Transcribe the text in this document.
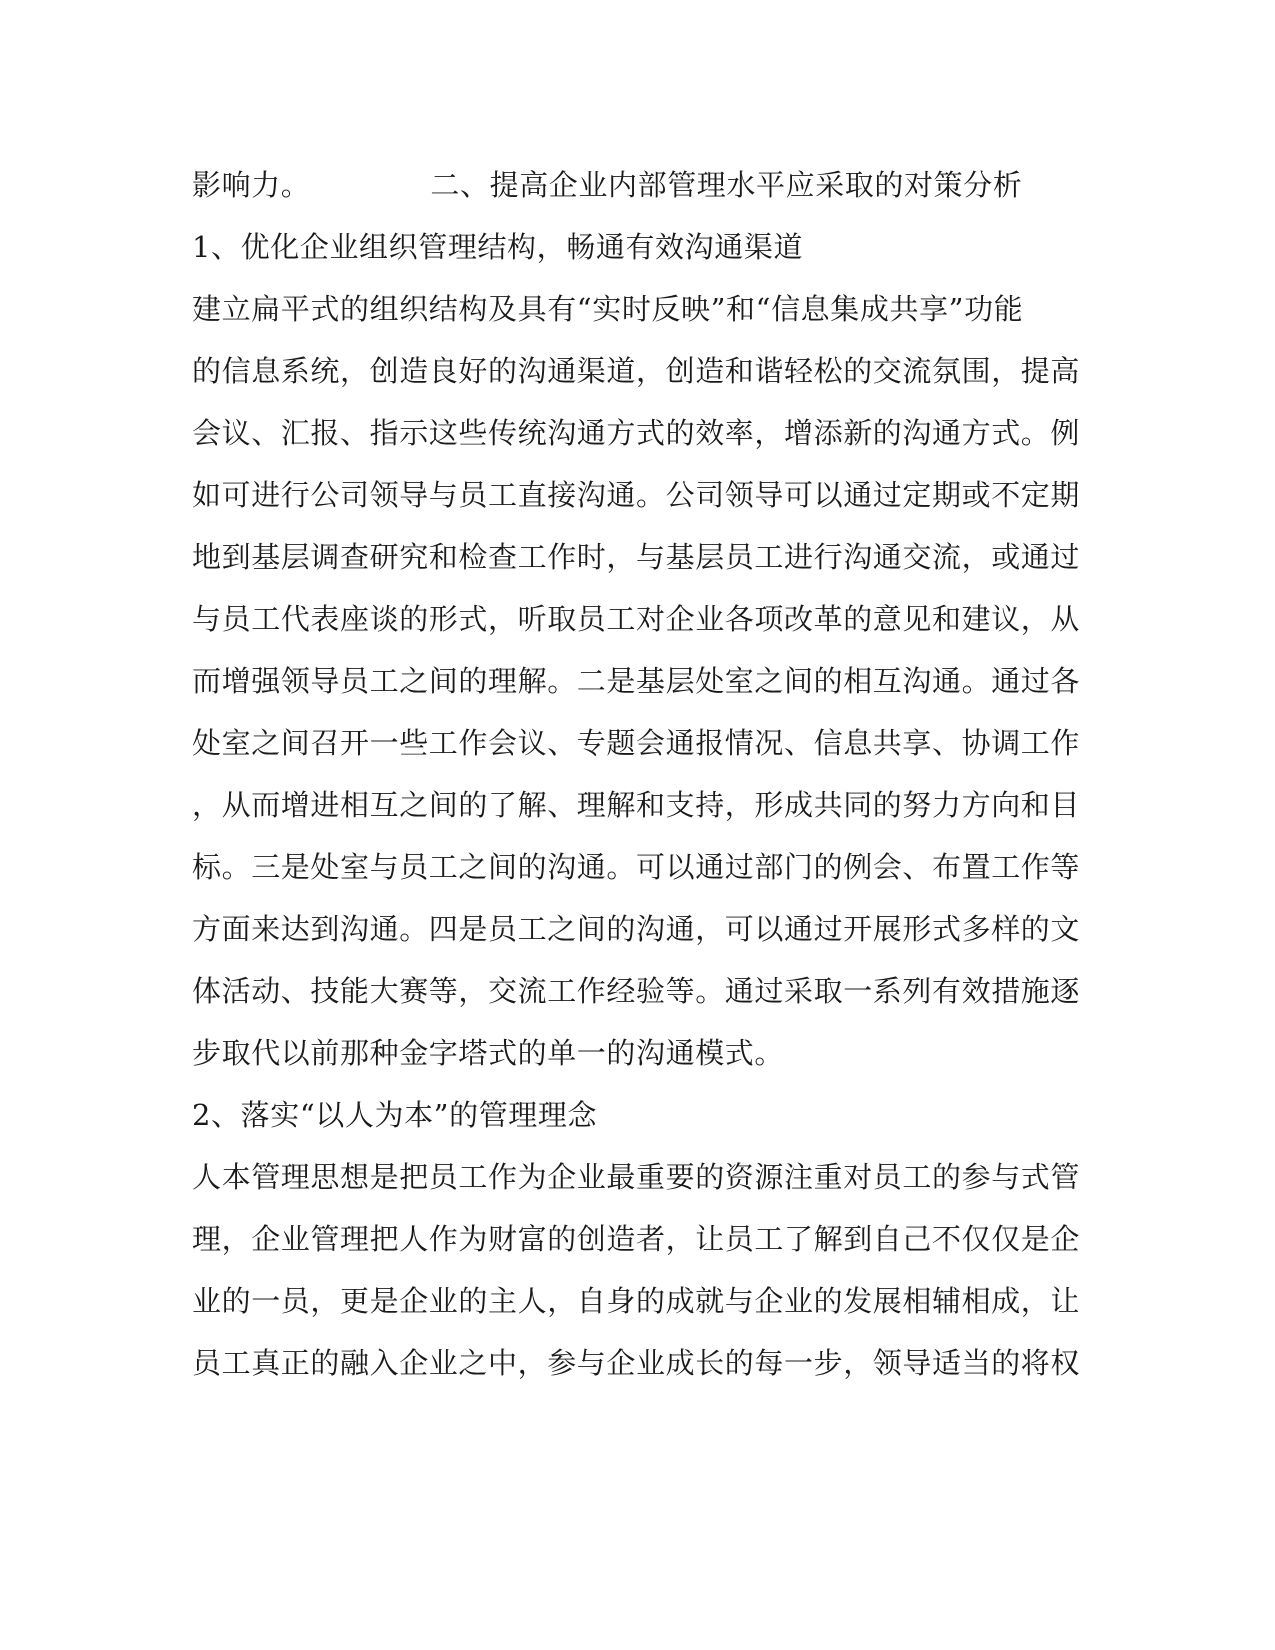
影响力。	二、提高企业内部管理水平应采取的对策分析
1、优化企业组织管理结构，畅通有效沟通渠道
建立扁平式的组织结构及具有“实时反映”和“信息集成共享”功能
的信息系统，创造良好的沟通渠道，创造和谐轻松的交流氛围，提高
会议、汇报、指示这些传统沟通方式的效率，增添新的沟通方式。例
如可进行公司领导与员工直接沟通。公司领导可以通过定期或不定期
地到基层调查研究和检查工作时，与基层员工进行沟通交流，或通过
与员工代表座谈的形式，听取员工对企业各项改革的意见和建议，从
而增强领导员工之间的理解。二是基层处室之间的相互沟通。通过各
处室之间召开一些工作会议、专题会通报情况、信息共享、协调工作
，从而增进相互之间的了解、理解和支持，形成共同的努力方向和目
标。三是处室与员工之间的沟通。可以通过部门的例会、布置工作等
方面来达到沟通。四是员工之间的沟通，可以通过开展形式多样的文
体活动、技能大赛等，交流工作经验等。通过采取一系列有效措施逐
步取代以前那种金字塔式的单一的沟通模式。
2、落实“以人为本”的管理理念
人本管理思想是把员工作为企业最重要的资源注重对员工的参与式管
理，企业管理把人作为财富的创造者，让员工了解到自己不仅仅是企
业的一员，更是企业的主人，自身的成就与企业的发展相辅相成，让
员工真正的融入企业之中，参与企业成长的每一步，领导适当的将权
